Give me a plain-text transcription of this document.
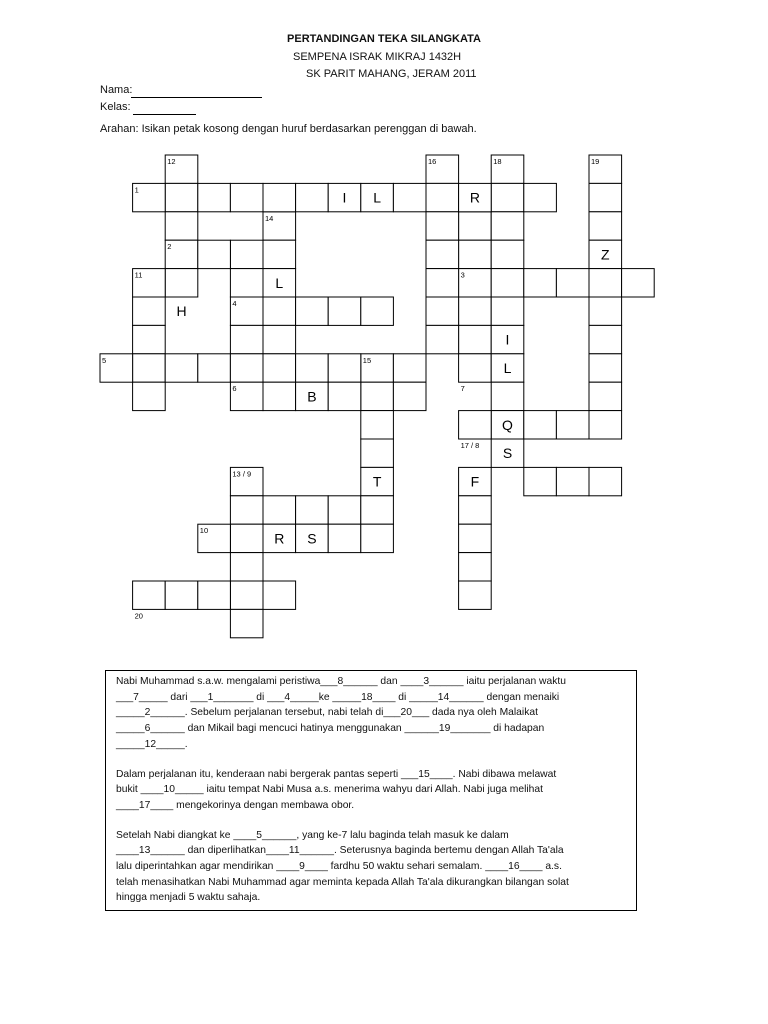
PERTANDINGAN TEKA SILANGKATA
SEMPENA ISRAK MIKRAJ 1432H
SK PARIT MAHANG, JERAM 2011
Nama:
Kelas:
Arahan: Isikan petak kosong dengan huruf berdasarkan perenggan di bawah.
12	16	18	19
1
14
2
11	3
4
5	15
6	7
17 / 8
13 / 9
10
20
I L	R
Z
L
H
I
L
B
Q
S
T	F
R S

Nabi Muhammad s.a.w. mengalami peristiwa___8______ dan ____3______ iaitu perjalanan waktu
___7_____ dari ___1_______ di ___4_____ke _____18____ di _____14______ dengan menaiki
_____2______. Sebelum perjalanan tersebut, nabi telah di___20___ dada nya oleh Malaikat
_____6______ dan Mikail bagi mencuci hatinya menggunakan ______19_______ di hadapan
_____12_____.

Dalam perjalanan itu, kenderaan nabi bergerak pantas seperti ___15____. Nabi dibawa melawat
bukit ____10_____ iaitu tempat Nabi Musa a.s. menerima wahyu dari Allah. Nabi juga melihat
____17____ mengekorinya dengan membawa obor.

Setelah Nabi diangkat ke ____5______, yang ke-7 lalu baginda telah masuk ke dalam
____13______ dan diperlihatkan____11______. Seterusnya baginda bertemu dengan Allah Ta'ala
lalu diperintahkan agar mendirikan ____9____ fardhu 50 waktu sehari semalam. ____16____ a.s.
telah menasihatkan Nabi Muhammad agar meminta kepada Allah Ta'ala dikurangkan bilangan solat
hingga menjadi 5 waktu sahaja.
